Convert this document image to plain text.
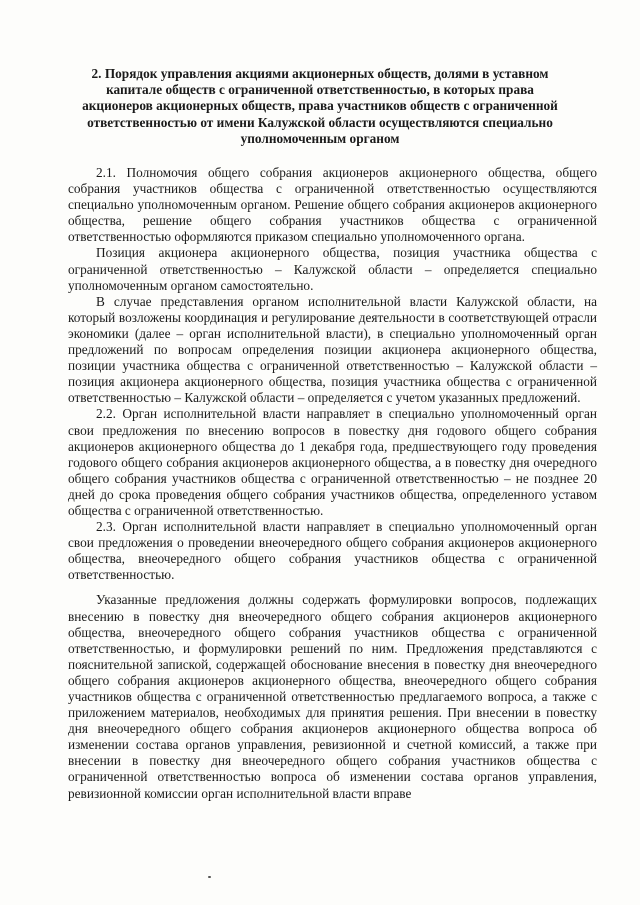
2. Порядок управления акциями акционерных обществ, долями в уставном капитале обществ с ограниченной ответственностью, в которых права акционеров акционерных обществ, права участников обществ с ограниченной ответственностью от имени Калужской области осуществляются специально уполномоченным органом

2.1. Полномочия общего собрания акционеров акционерного общества, общего собрания участников общества с ограниченной ответственностью осуществляются специально уполномоченным органом. Решение общего собрания акционеров акционерного общества, решение общего собрания участников общества с ограниченной ответственностью оформляются приказом специально уполномоченного органа.

Позиция акционера акционерного общества, позиция участника общества с ограниченной ответственностью – Калужской области – определяется специально уполномоченным органом самостоятельно.

В случае представления органом исполнительной власти Калужской области, на который возложены координация и регулирование деятельности в соответствующей отрасли экономики (далее – орган исполнительной власти), в специально уполномоченный орган предложений по вопросам определения позиции акционера акционерного общества, позиции участника общества с ограниченной ответственностью – Калужской области – позиция акционера акционерного общества, позиция участника общества с ограниченной ответственностью – Калужской области – определяется с учетом указанных предложений.

2.2. Орган исполнительной власти направляет в специально уполномоченный орган свои предложения по внесению вопросов в повестку дня годового общего собрания акционеров акционерного общества до 1 декабря года, предшествующего году проведения годового общего собрания акционеров акционерного общества, а в повестку дня очередного общего собрания участников общества с ограниченной ответственностью – не позднее 20 дней до срока проведения общего собрания участников общества, определенного уставом общества с ограниченной ответственностью.

2.3. Орган исполнительной власти направляет в специально уполномоченный орган свои предложения о проведении внеочередного общего собрания акционеров акционерного общества, внеочередного общего собрания участников общества с ограниченной ответственностью.

Указанные предложения должны содержать формулировки вопросов, подлежащих внесению в повестку дня внеочередного общего собрания акционеров акционерного общества, внеочередного общего собрания участников общества с ограниченной ответственностью, и формулировки решений по ним. Предложения представляются с пояснительной запиской, содержащей обоснование внесения в повестку дня внеочередного общего собрания акционеров акционерного общества, внеочередного общего собрания участников общества с ограниченной ответственностью предлагаемого вопроса, а также с приложением материалов, необходимых для принятия решения. При внесении в повестку дня внеочередного общего собрания акционеров акционерного общества вопроса об изменении состава органов управления, ревизионной и счетной комиссий, а также при внесении в повестку дня внеочередного общего собрания участников общества с ограниченной ответственностью вопроса об изменении состава органов управления, ревизионной комиссии орган исполнительной власти вправе
